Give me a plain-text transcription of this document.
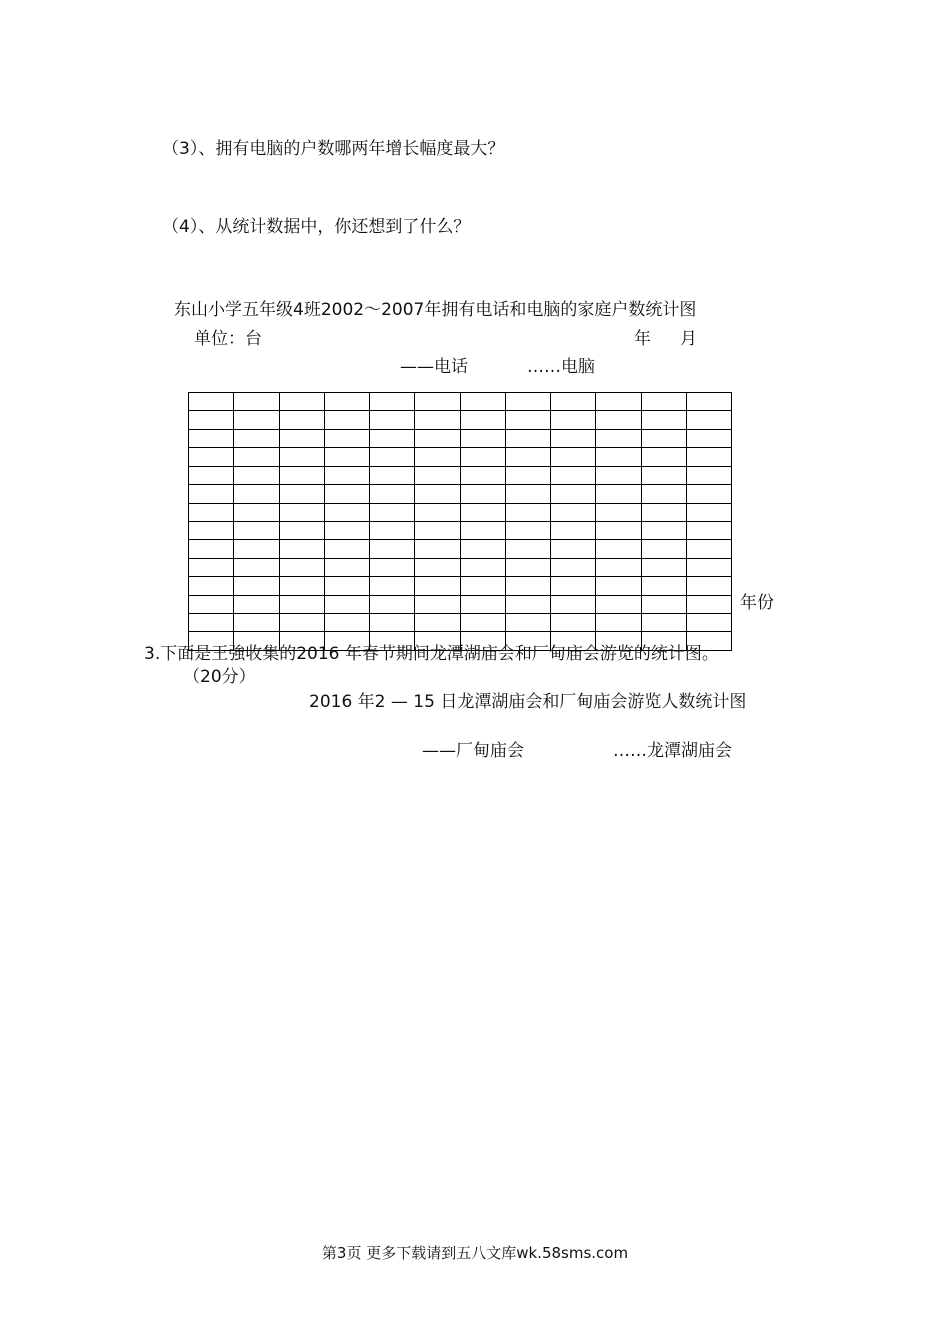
（3）、拥有电脑的户数哪两年增长幅度最大？
（4）、从统计数据中，你还想到了什么？
东山小学五年级4班2002～2007年拥有电话和电脑的家庭户数统计图
单位：台	年 月
——电话	……电脑

年份
3.下面是王強收集的2016 年春节期间龙潭湖庙会和厂甸庙会游览的统计图。
（20分）
2016 年2 — 15 日龙潭湖庙会和厂甸庙会游览人数统计图
——厂甸庙会	……龙潭湖庙会
第3页 更多下载请到五八文库wk.58sms.com
